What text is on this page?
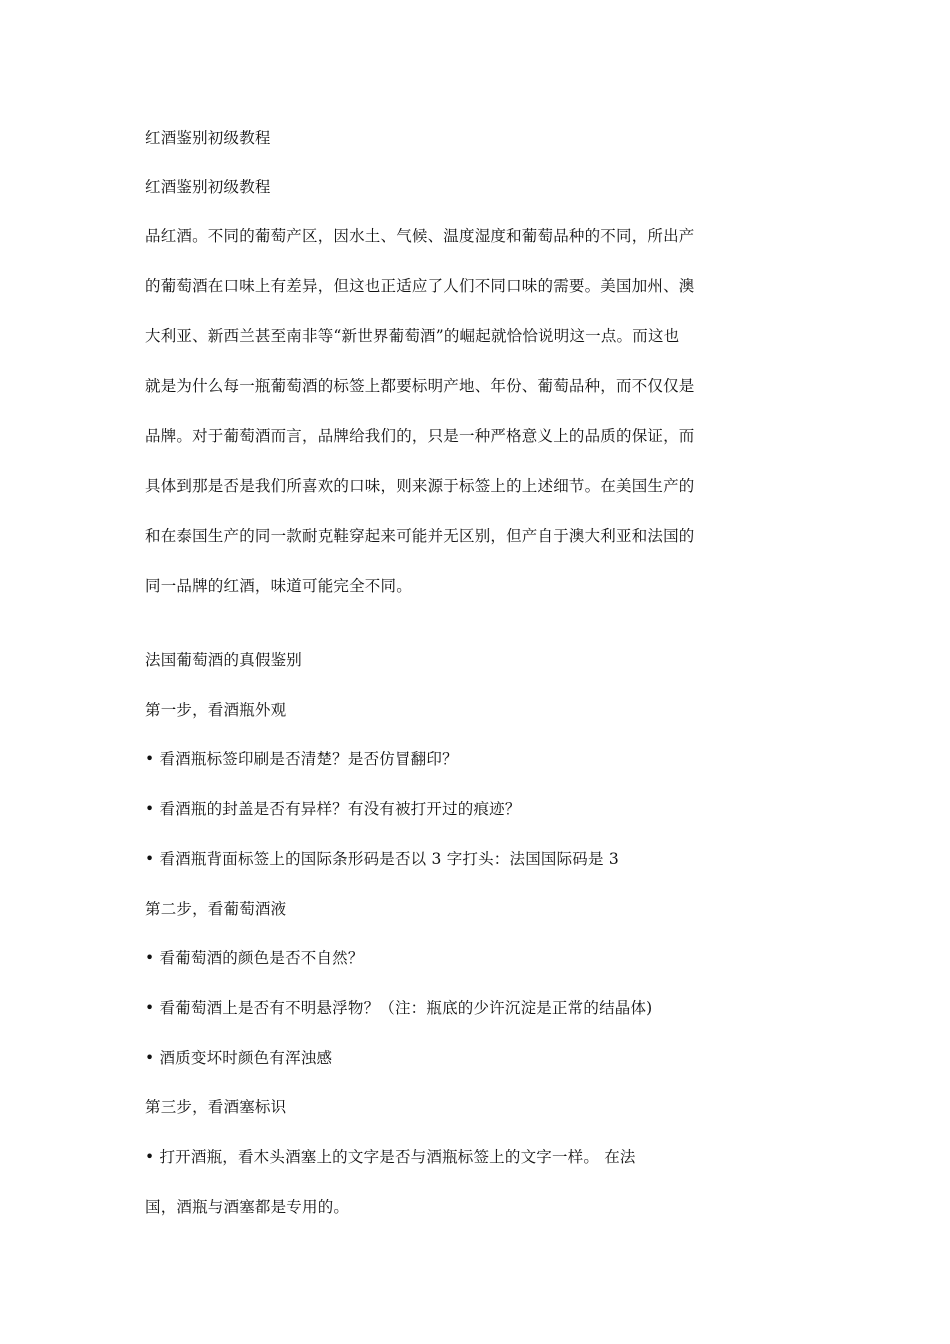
红酒鉴别初级教程
红酒鉴别初级教程
品红酒。不同的葡萄产区，因水土、气候、温度湿度和葡萄品种的不同，所出产
的葡萄酒在口味上有差异，但这也正适应了人们不同口味的需要。美国加州、澳
大利亚、新西兰甚至南非等“新世界葡萄酒”的崛起就恰恰说明这一点。而这也
就是为什么每一瓶葡萄酒的标签上都要标明产地、年份、葡萄品种，而不仅仅是
品牌。对于葡萄酒而言，品牌给我们的，只是一种严格意义上的品质的保证，而
具体到那是否是我们所喜欢的口味，则来源于标签上的上述细节。在美国生产的
和在泰国生产的同一款耐克鞋穿起来可能并无区别，但产自于澳大利亚和法国的
同一品牌的红酒，味道可能完全不同。
法国葡萄酒的真假鉴别
第一步，看酒瓶外观
• 看酒瓶标签印刷是否清楚？是否仿冒翻印？
• 看酒瓶的封盖是否有异样？有没有被打开过的痕迹？
• 看酒瓶背面标签上的国际条形码是否以 3 字打头：法国国际码是 3
第二步，看葡萄酒液
• 看葡萄酒的颜色是否不自然？
• 看葡萄酒上是否有不明悬浮物？（注：瓶底的少许沉淀是正常的结晶体)
• 酒质变坏时颜色有浑浊感
第三步，看酒塞标识
• 打开酒瓶，看木头酒塞上的文字是否与酒瓶标签上的文字一样。 在法
国，酒瓶与酒塞都是专用的。
